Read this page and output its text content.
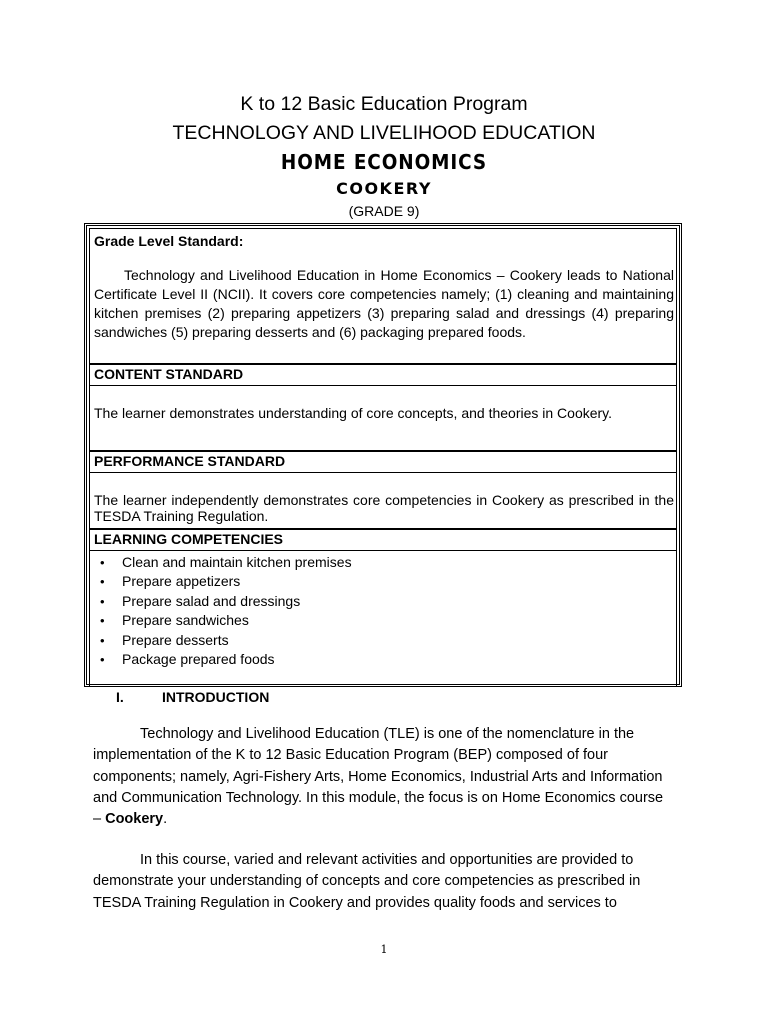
K to 12 Basic Education Program
TECHNOLOGY AND LIVELIHOOD EDUCATION
HOME ECONOMICS
COOKERY
(GRADE 9)
Grade Level Standard:
Technology and Livelihood Education in Home Economics – Cookery leads to National Certificate Level II (NCII). It covers core competencies namely; (1) cleaning and maintaining kitchen premises (2) preparing appetizers (3) preparing salad and dressings (4) preparing sandwiches (5) preparing desserts and (6) packaging prepared foods.
CONTENT STANDARD
The learner demonstrates understanding of core concepts, and theories in Cookery.
PERFORMANCE STANDARD
The learner independently demonstrates core competencies in Cookery as prescribed in the TESDA Training Regulation.
LEARNING COMPETENCIES
• Clean and maintain kitchen premises
• Prepare appetizers
• Prepare salad and dressings
• Prepare sandwiches
• Prepare desserts
• Package prepared foods
I.	INTRODUCTION
Technology and Livelihood Education (TLE) is one of the nomenclature in the implementation of the K to 12 Basic Education Program (BEP) composed of four components; namely, Agri-Fishery Arts, Home Economics, Industrial Arts and Information and Communication Technology. In this module, the focus is on Home Economics course – Cookery.
In this course, varied and relevant activities and opportunities are provided to demonstrate your understanding of concepts and core competencies as prescribed in TESDA Training Regulation in Cookery and provides quality foods and services to
1
